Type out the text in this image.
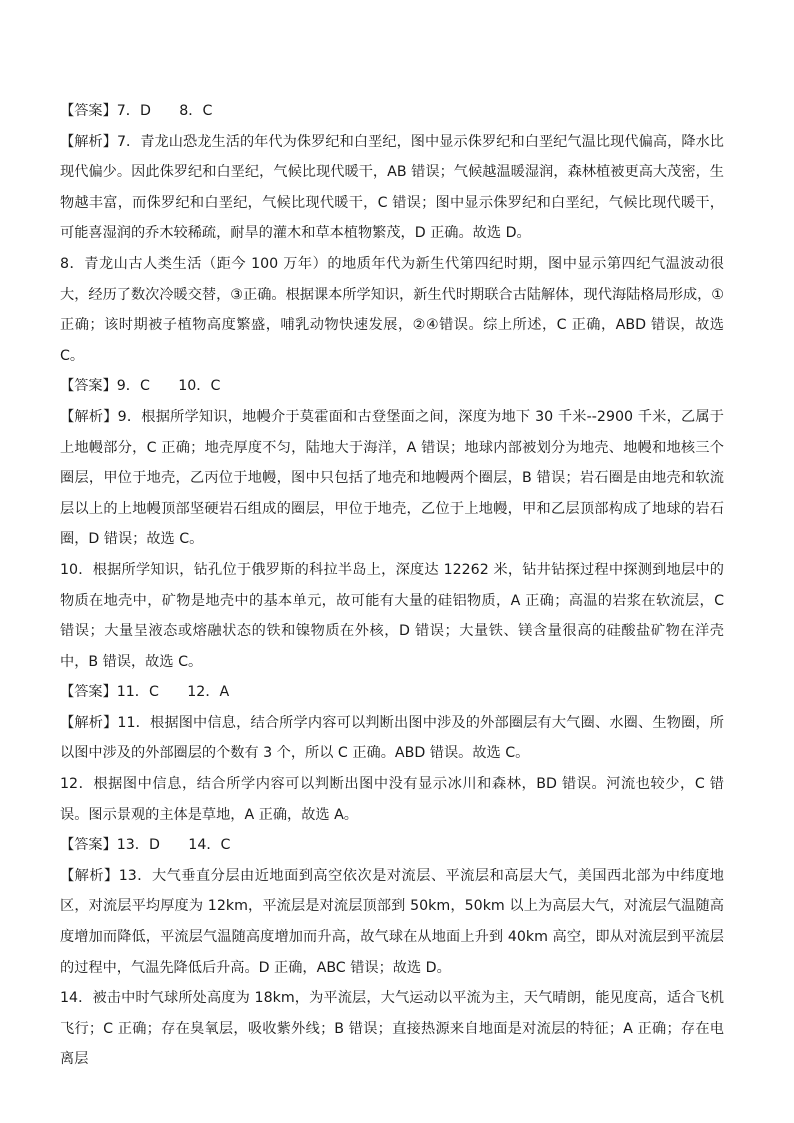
【答案】7．D　　8．C

【解析】7．青龙山恐龙生活的年代为侏罗纪和白垩纪，图中显示侏罗纪和白垩纪气温比现代偏高，降水比现代偏少。因此侏罗纪和白垩纪，气候比现代暖干，AB 错误；气候越温暖湿润，森林植被更高大茂密，生物越丰富，而侏罗纪和白垩纪，气候比现代暖干，C 错误；图中显示侏罗纪和白垩纪，气候比现代暖干，可能喜湿润的乔木较稀疏，耐旱的灌木和草本植物繁茂，D 正确。故选 D。

8．青龙山古人类生活（距今 100 万年）的地质年代为新生代第四纪时期，图中显示第四纪气温波动很大，经历了数次冷暖交替，③正确。根据课本所学知识，新生代时期联合古陆解体，现代海陆格局形成，①正确；该时期被子植物高度繁盛，哺乳动物快速发展，②④错误。综上所述，C 正确，ABD 错误，故选 C。

【答案】9．C　　10．C

【解析】9．根据所学知识，地幔介于莫霍面和古登堡面之间，深度为地下 30 千米--2900 千米，乙属于上地幔部分，C 正确；地壳厚度不匀，陆地大于海洋，A 错误；地球内部被划分为地壳、地幔和地核三个圈层，甲位于地壳，乙丙位于地幔，图中只包括了地壳和地幔两个圈层，B 错误；岩石圈是由地壳和软流层以上的上地幔顶部坚硬岩石组成的圈层，甲位于地壳，乙位于上地幔，甲和乙层顶部构成了地球的岩石圈，D 错误；故选 C。

10．根据所学知识，钻孔位于俄罗斯的科拉半岛上，深度达 12262 米，钻井钻探过程中探测到地层中的物质在地壳中，矿物是地壳中的基本单元，故可能有大量的硅铝物质，A 正确；高温的岩浆在软流层，C 错误；大量呈液态或熔融状态的铁和镍物质在外核，D 错误；大量铁、镁含量很高的硅酸盐矿物在洋壳中，B 错误，故选 C。

【答案】11．C　　12．A

【解析】11．根据图中信息，结合所学内容可以判断出图中涉及的外部圈层有大气圈、水圈、生物圈，所以图中涉及的外部圈层的个数有 3 个，所以 C 正确。ABD 错误。故选 C。

12．根据图中信息，结合所学内容可以判断出图中没有显示冰川和森林，BD 错误。河流也较少，C 错误。图示景观的主体是草地，A 正确，故选 A。

【答案】13．D　　14．C

【解析】13．大气垂直分层由近地面到高空依次是对流层、平流层和高层大气，美国西北部为中纬度地区，对流层平均厚度为 12km，平流层是对流层顶部到 50km，50km 以上为高层大气，对流层气温随高度增加而降低，平流层气温随高度增加而升高，故气球在从地面上升到 40km 高空，即从对流层到平流层的过程中，气温先降低后升高。D 正确，ABC 错误；故选 D。

14．被击中时气球所处高度为 18km，为平流层，大气运动以平流为主，天气晴朗，能见度高，适合飞机飞行；C 正确；存在臭氧层，吸收紫外线；B 错误；直接热源来自地面是对流层的特征；A 正确；存在电离层
